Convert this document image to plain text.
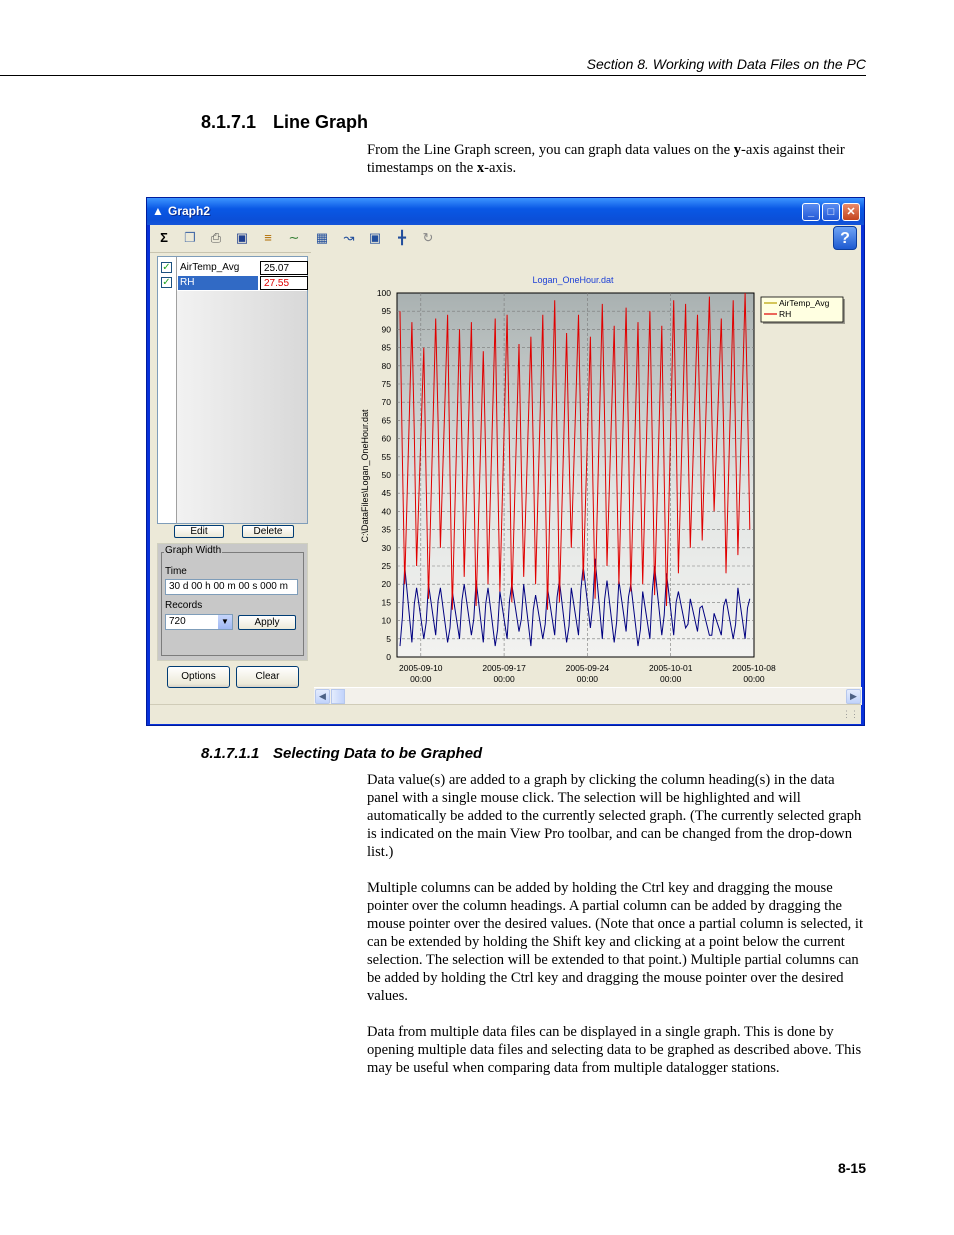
Section 8. Working with Data Files on the PC
8.1.7.1 Line Graph

From the Line Graph screen, you can graph data values on the y-axis against their timestamps on the x-axis.

▲ Graph2	_	□	✕
Σ	❐	⎙	▣	≡	∼	▦	↝	▣	╋	↻	?
✓ AirTemp_Avg	25.07
✓ RH	27.55
Edit	Delete
Graph Width
Time
30 d 00 h 00 m 00 s 000 m
Records
720	▼	Apply
Options	Clear
Logan_OneHour.dat
0
5
10
15
20
25
30
35
40
45
50
55
60
65
70
75
80
85
90
95
100
2005-09-10
00:00
2005-09-17
00:00
2005-09-24
00:00
2005-10-01
00:00
2005-10-08
00:00
C:\DataFiles\Logan_OneHour.dat
AirTemp_Avg
RH
◀	▶
⋮⋮
8.1.7.1.1 Selecting Data to be Graphed

Data value(s) are added to a graph by clicking the column heading(s) in the data panel with a single mouse click. The selection will be highlighted and will automatically be added to the currently selected graph. (The currently selected graph is indicated on the main View Pro toolbar, and can be changed from the drop-down list.)

Multiple columns can be added by holding the Ctrl key and dragging the mouse pointer over the column headings. A partial column can be added by dragging the mouse pointer over the desired values. (Note that once a partial column is selected, it can be extended by holding the Shift key and clicking at a point below the current selection. The selection will be extended to that point.) Multiple partial columns can be added by holding the Ctrl key and dragging the mouse pointer over the desired values.

Data from multiple data files can be displayed in a single graph. This is done by opening multiple data files and selecting data to be graphed as described above. This may be useful when comparing data from multiple datalogger stations.

8-15
